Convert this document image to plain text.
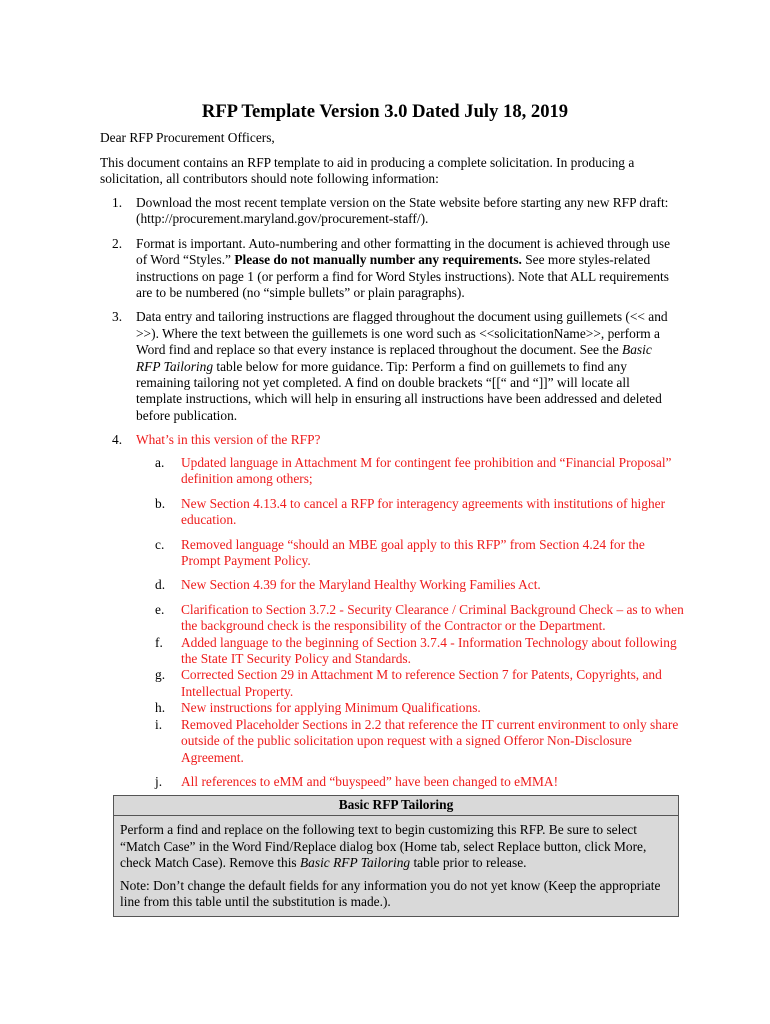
RFP Template Version 3.0 Dated July 18, 2019
Dear RFP Procurement Officers,
This document contains an RFP template to aid in producing a complete solicitation. In producing a solicitation, all contributors should note following information:
1. Download the most recent template version on the State website before starting any new RFP draft: (http://procurement.maryland.gov/procurement-staff/).
2. Format is important. Auto-numbering and other formatting in the document is achieved through use of Word “Styles.” Please do not manually number any requirements. See more styles-related instructions on page 1 (or perform a find for Word Styles instructions). Note that ALL requirements are to be numbered (no “simple bullets” or plain paragraphs).
3. Data entry and tailoring instructions are flagged throughout the document using guillemets (<< and >>). Where the text between the guillemets is one word such as <<solicitationName>>, perform a Word find and replace so that every instance is replaced throughout the document. See the Basic RFP Tailoring table below for more guidance. Tip: Perform a find on guillemets to find any remaining tailoring not yet completed. A find on double brackets “[[“ and “]]” will locate all template instructions, which will help in ensuring all instructions have been addressed and deleted before publication.
4. What’s in this version of the RFP?
a. Updated language in Attachment M for contingent fee prohibition and “Financial Proposal” definition among others;
b. New Section 4.13.4 to cancel a RFP for interagency agreements with institutions of higher education.
c. Removed language “should an MBE goal apply to this RFP” from Section 4.24 for the Prompt Payment Policy.
d. New Section 4.39 for the Maryland Healthy Working Families Act.
e. Clarification to Section 3.7.2 - Security Clearance / Criminal Background Check – as to when the background check is the responsibility of the Contractor or the Department.
f. Added language to the beginning of Section 3.7.4 - Information Technology about following the State IT Security Policy and Standards.
g. Corrected Section 29 in Attachment M to reference Section 7 for Patents, Copyrights, and Intellectual Property.
h. New instructions for applying Minimum Qualifications.
i. Removed Placeholder Sections in 2.2 that reference the IT current environment to only share outside of the public solicitation upon request with a signed Offeror Non-Disclosure Agreement.
j. All references to eMM and “buyspeed” have been changed to eMMA!
Basic RFP Tailoring

Perform a find and replace on the following text to begin customizing this RFP. Be sure to select “Match Case” in the Word Find/Replace dialog box (Home tab, select Replace button, click More, check Match Case). Remove this Basic RFP Tailoring table prior to release.

Note: Don’t change the default fields for any information you do not yet know (Keep the appropriate line from this table until the substitution is made.).
